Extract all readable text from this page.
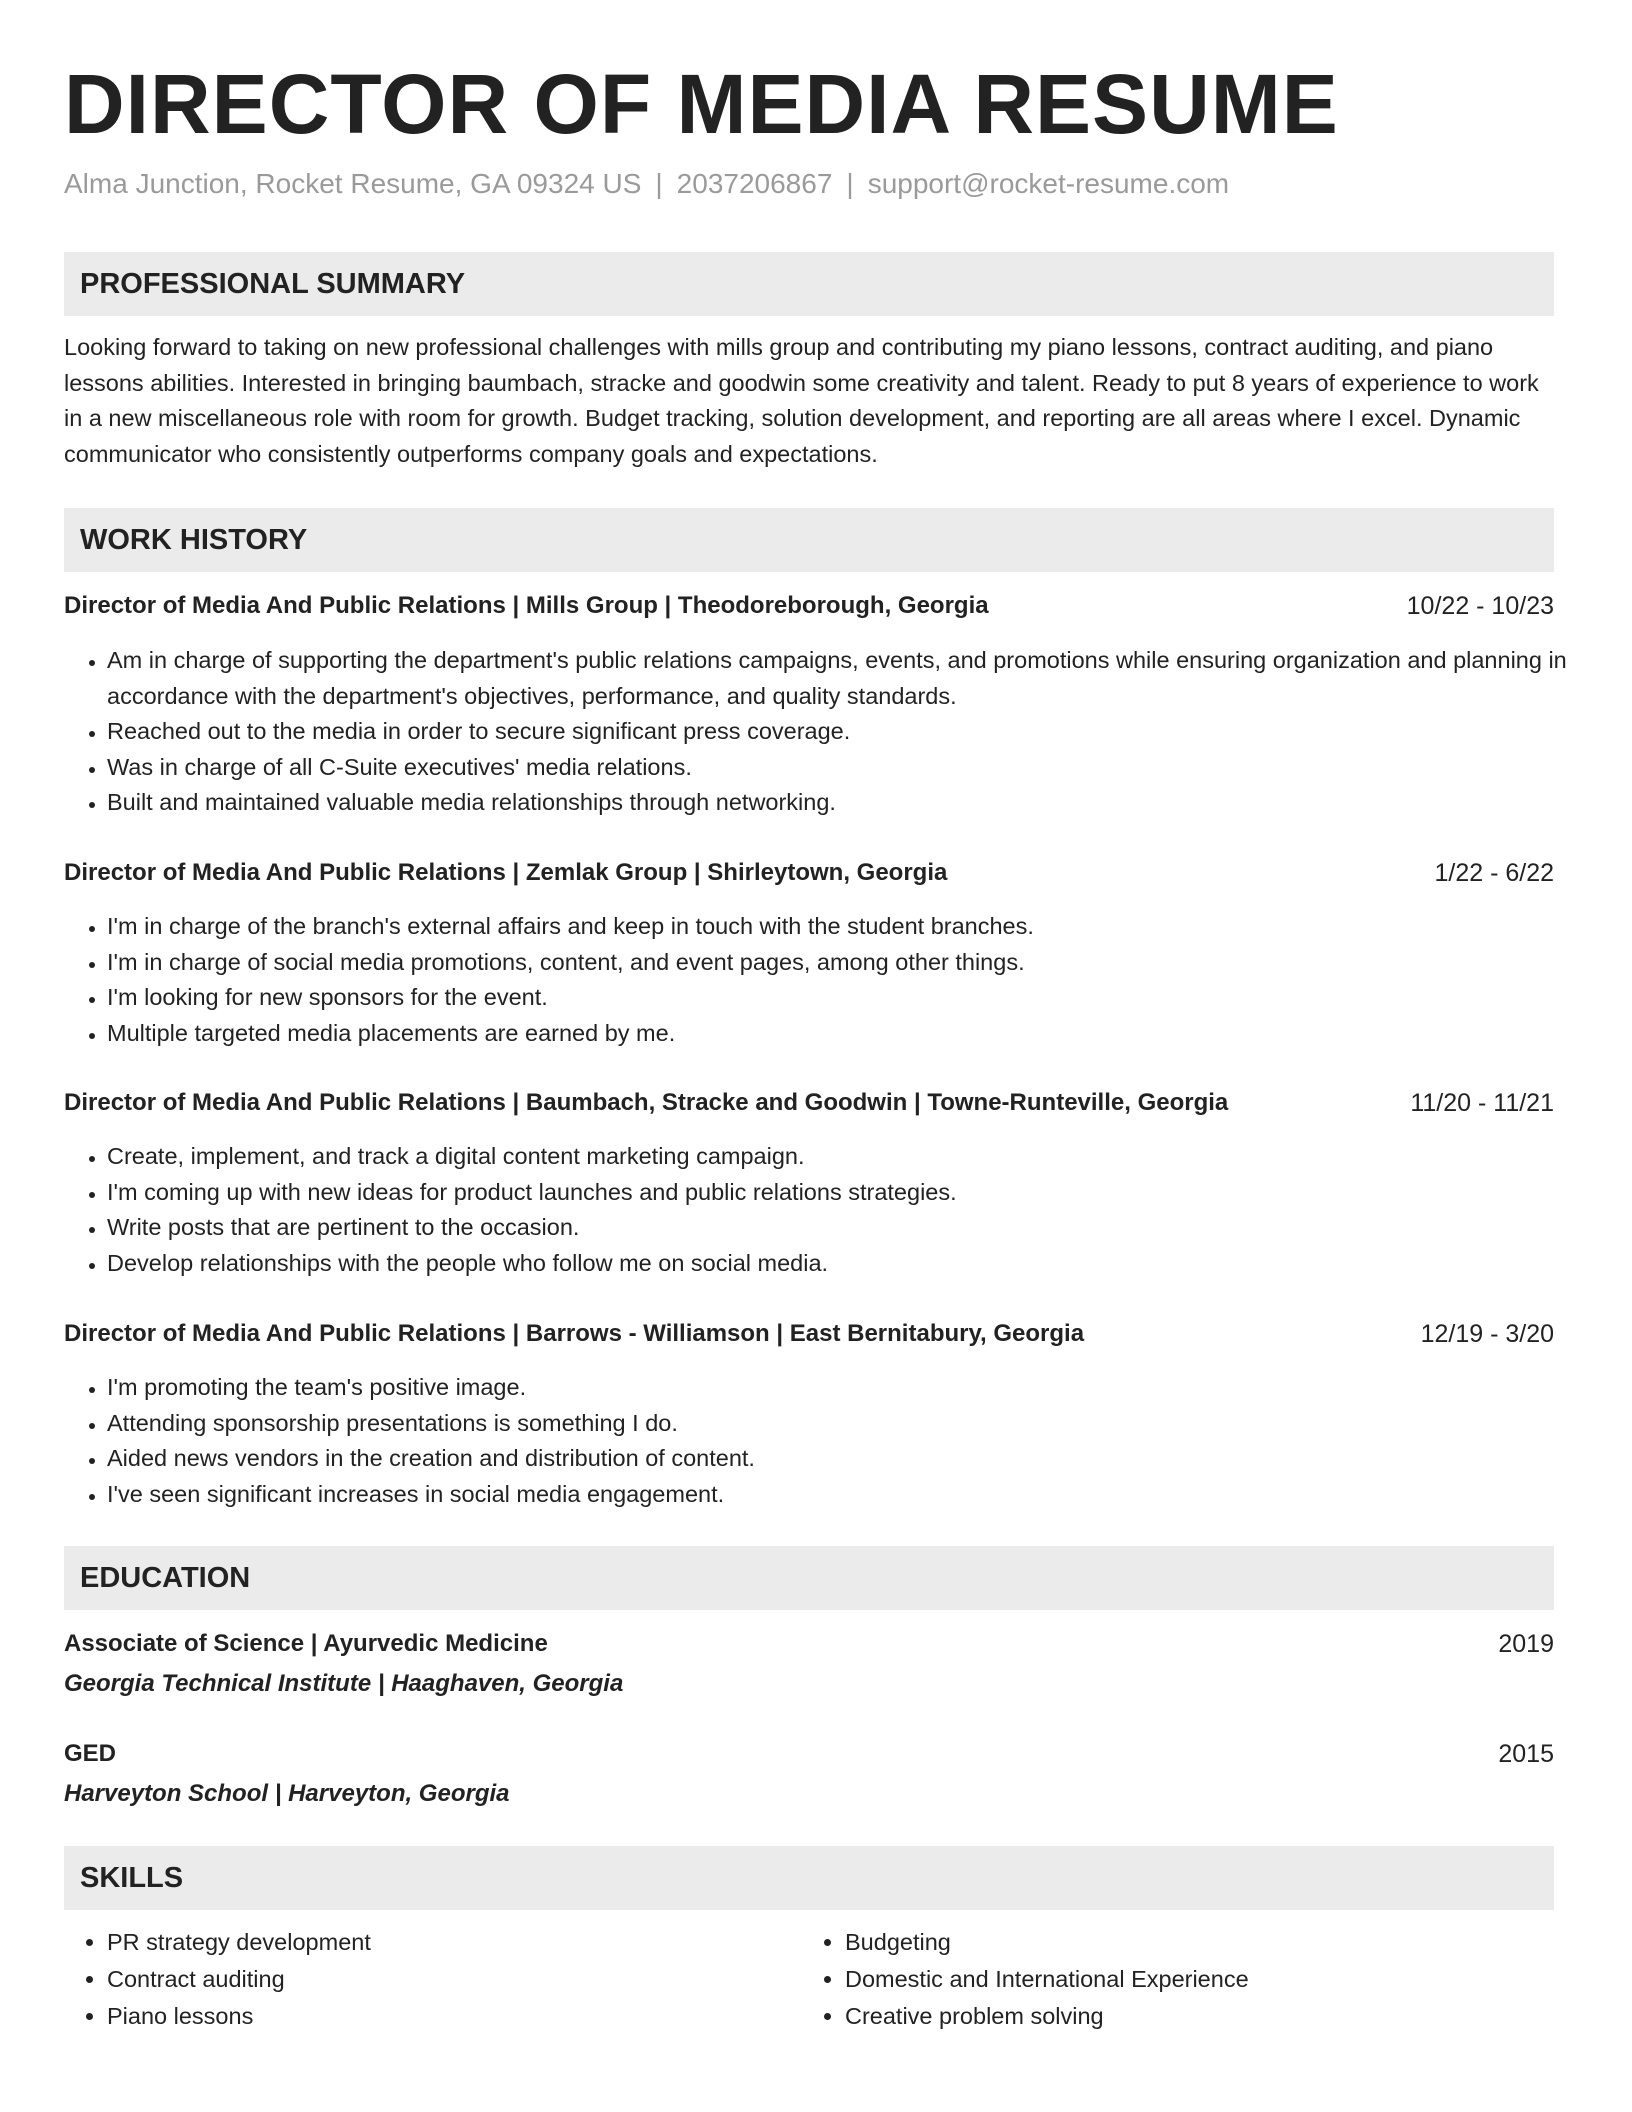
DIRECTOR OF MEDIA RESUME
Alma Junction, Rocket Resume, GA 09324 US | 2037206867 | support@rocket-resume.com
PROFESSIONAL SUMMARY

Looking forward to taking on new professional challenges with mills group and contributing my piano lessons, contract auditing, and piano lessons abilities. Interested in bringing baumbach, stracke and goodwin some creativity and talent. Ready to put 8 years of experience to work in a new miscellaneous role with room for growth. Budget tracking, solution development, and reporting are all areas where I excel. Dynamic communicator who consistently outperforms company goals and expectations.

WORK HISTORY
Director of Media And Public Relations | Mills Group | Theodoreborough, Georgia	10/22 - 10/23
• Am in charge of supporting the department's public relations campaigns, events, and promotions while ensuring organization and planning in accordance with the department's objectives, performance, and quality standards.
• Reached out to the media in order to secure significant press coverage.
• Was in charge of all C-Suite executives' media relations.
• Built and maintained valuable media relationships through networking.
Director of Media And Public Relations | Zemlak Group | Shirleytown, Georgia	1/22 - 6/22
• I'm in charge of the branch's external affairs and keep in touch with the student branches.
• I'm in charge of social media promotions, content, and event pages, among other things.
• I'm looking for new sponsors for the event.
• Multiple targeted media placements are earned by me.
Director of Media And Public Relations | Baumbach, Stracke and Goodwin | Towne-Runteville, Georgia	11/20 - 11/21
• Create, implement, and track a digital content marketing campaign.
• I'm coming up with new ideas for product launches and public relations strategies.
• Write posts that are pertinent to the occasion.
• Develop relationships with the people who follow me on social media.
Director of Media And Public Relations | Barrows - Williamson | East Bernitabury, Georgia	12/19 - 3/20
• I'm promoting the team's positive image.
• Attending sponsorship presentations is something I do.
• Aided news vendors in the creation and distribution of content.
• I've seen significant increases in social media engagement.
EDUCATION
Associate of Science | Ayurvedic Medicine	2019
Georgia Technical Institute | Haaghaven, Georgia
GED	2015
Harveyton School | Harveyton, Georgia
SKILLS
• PR strategy development
• Contract auditing
• Piano lessons
• Budgeting
• Domestic and International Experience
• Creative problem solving
